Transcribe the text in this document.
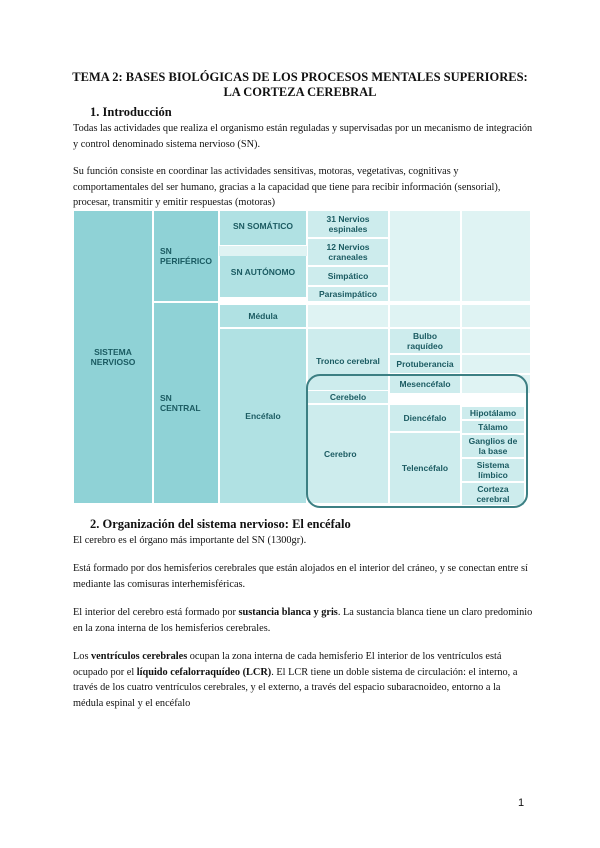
TEMA 2: BASES BIOLÓGICAS DE LOS PROCESOS MENTALES SUPERIORES:
LA CORTEZA CEREBRAL
1. Introducción
Todas las actividades que realiza el organismo están reguladas y supervisadas por un mecanismo de integración y control denominado sistema nervioso (SN).
Su función consiste en coordinar las actividades sensitivas, motoras, vegetativas, cognitivas y comportamentales del ser humano, gracias a la capacidad que tiene para recibir información (sensorial), procesar, transmitir y emitir respuestas (motoras)
SISTEMA NERVIOSO
SN PERIFÉRICO
SN CENTRAL
SN SOMÁTICO
SN AUTÓNOMO
31 Nervios espinales
12 Nervios craneales
Simpático
Parasimpático
Médula
Encéfalo
Tronco cerebral
Bulbo raquídeo
Protuberancia
Mesencéfalo
Cerebelo
Cerebro
Diencéfalo
Telencéfalo
Hipotálamo
Tálamo
Ganglios de la base
Sistema límbico
Corteza cerebral
2. Organización del sistema nervioso: El encéfalo
El cerebro es el órgano más importante del SN (1300gr).
Está formado por dos hemisferios cerebrales que están alojados en el interior del cráneo, y se conectan entre sí mediante las comisuras interhemisféricas.
El interior del cerebro está formado por sustancia blanca y gris. La sustancia blanca tiene un claro predominio en la zona interna de los hemisferios cerebrales.
Los ventrículos cerebrales ocupan la zona interna de cada hemisferio El interior de los ventrículos está ocupado por el líquido cefalorraquídeo (LCR). El LCR tiene un doble sistema de circulación: el interno, a través de los cuatro ventrículos cerebrales, y el externo, a través del espacio subaracnoideo, entorno a la médula espinal y el encéfalo
1
